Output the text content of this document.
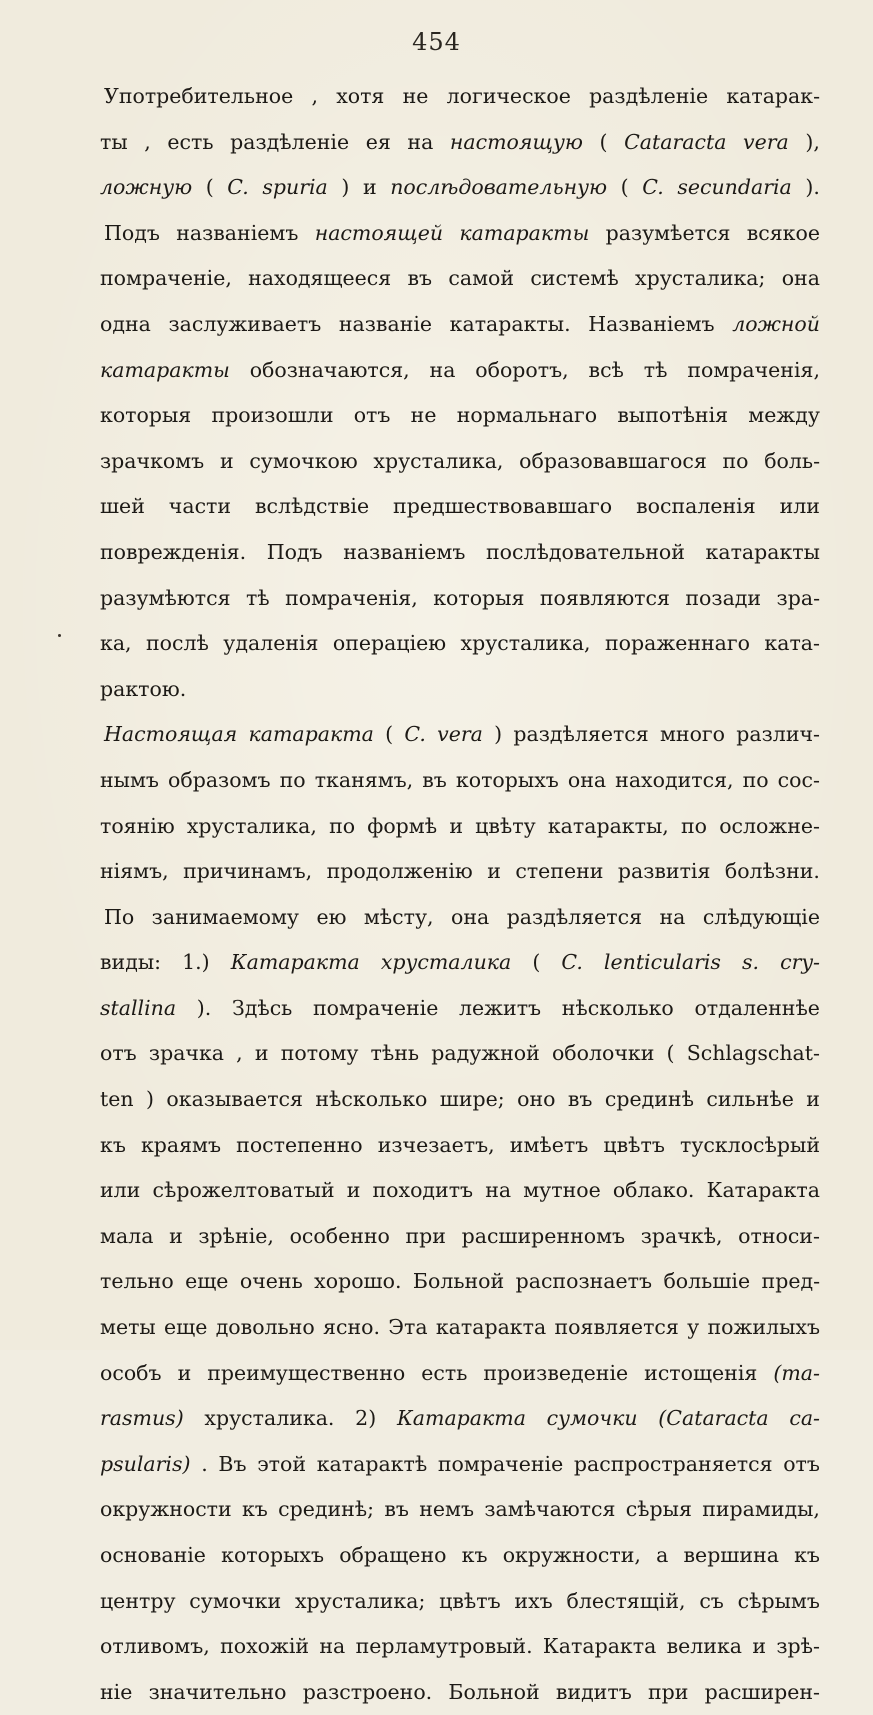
454
Употребительное , хотя не логическое раздѣленіе катарак-
ты , есть раздѣленіе ея на настоящую ( Cataracta vera ),
ложную ( C. spuria ) и послѣдовательную ( C. secundaria ).
Подъ названіемъ настоящей катаракты разумѣется всякое
помраченіе, находящееся въ самой системѣ хрусталика; она
одна заслуживаетъ названіе катаракты. Названіемъ ложной
катаракты обозначаются, на оборотъ, всѣ тѣ помраченія,
которыя произошли отъ не нормальнаго выпотѣнія между
зрачкомъ и сумочкою хрусталика, образовавшагося по боль-
шей части вслѣдствіе предшествовавшаго воспаленія или
поврежденія. Подъ названіемъ послѣдовательной катаракты
разумѣются тѣ помраченія, которыя появляются позади зра-
ка, послѣ удаленія операціею хрусталика, пораженнаго ката-
рактою.
Настоящая катаракта ( C. vera ) раздѣляется много различ-
нымъ образомъ по тканямъ, въ которыхъ она находится, по сос-
тоянію хрусталика, по формѣ и цвѣту катаракты, по осложне-
ніямъ, причинамъ, продолженію и степени развитія болѣзни.
По занимаемому ею мѣсту, она раздѣляется на слѣдующіе
виды: 1.) Катаракта хрусталика ( C. lenticularis s. cry-
stallina ). Здѣсь помраченіе лежитъ нѣсколько отдаленнѣе
отъ зрачка , и потому тѣнь радужной оболочки ( Schlagschat-
ten ) оказывается нѣсколько шире; оно въ срединѣ сильнѣе и
къ краямъ постепенно изчезаетъ, имѣетъ цвѣтъ тусклосѣрый
или сѣрожелтоватый и походитъ на мутное облако. Катаракта
мала и зрѣніе, особенно при расширенномъ зрачкѣ, относи-
тельно еще очень хорошо. Больной распознаетъ большіе пред-
меты еще довольно ясно. Эта катаракта появляется у пожилыхъ
особъ и преимущественно есть произведеніе истощенія (ma-
rasmus) хрусталика. 2) Катаракта сумочки (Cataracta ca-
psularis) . Въ этой катарактѣ помраченіе распространяется отъ
окружности къ срединѣ; въ немъ замѣчаются сѣрыя пирамиды,
основаніе которыхъ обращено къ окружности, а вершина къ
центру сумочки хрусталика; цвѣтъ ихъ блестящій, съ сѣрымъ
отливомъ, похожій на перламутровый. Катаракта велика и зрѣ-
ніе значительно разстроено. Больной видитъ при расширен-
